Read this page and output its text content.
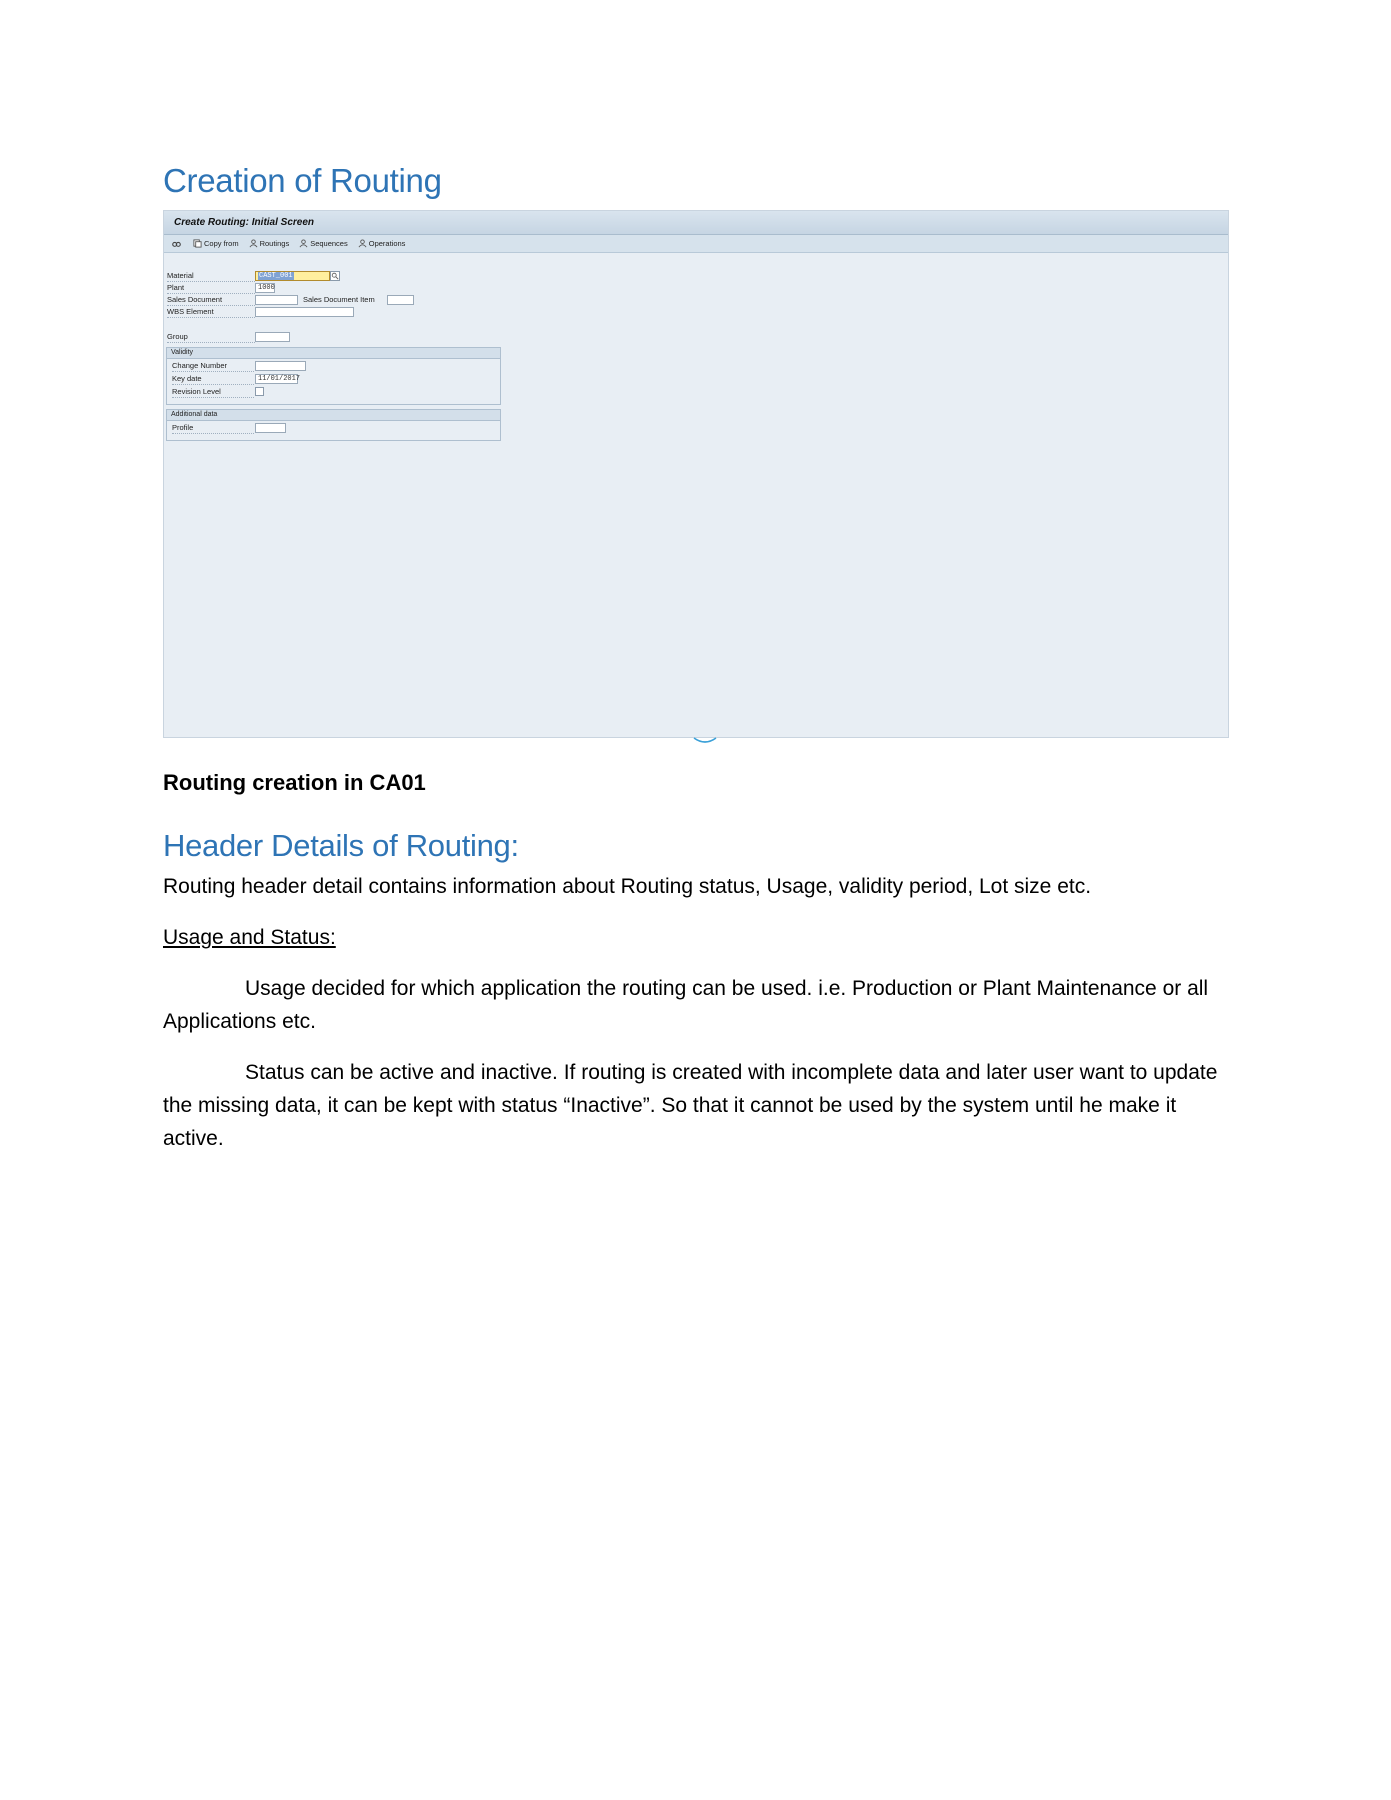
Creation of Routing
Create Routing: Initial Screen
Copy from	Routings	Sequences	Operations
Material	CAST_001
Plant	1000
Sales Document	Sales Document Item
WBS Element
Group
Validity
Change Number
Key date	11/01/2017
Revision Level
Additional data
Profile

Routing creation in CA01

Header Details of Routing:

Routing header detail contains information about Routing status, Usage, validity period, Lot size etc.

Usage and Status:

Usage decided for which application the routing can be used. i.e. Production or Plant Maintenance or all Applications etc.

Status can be active and inactive. If routing is created with incomplete data and later user want to update the missing data, it can be kept with status “Inactive”. So that it cannot be used by the system until he make it active.
